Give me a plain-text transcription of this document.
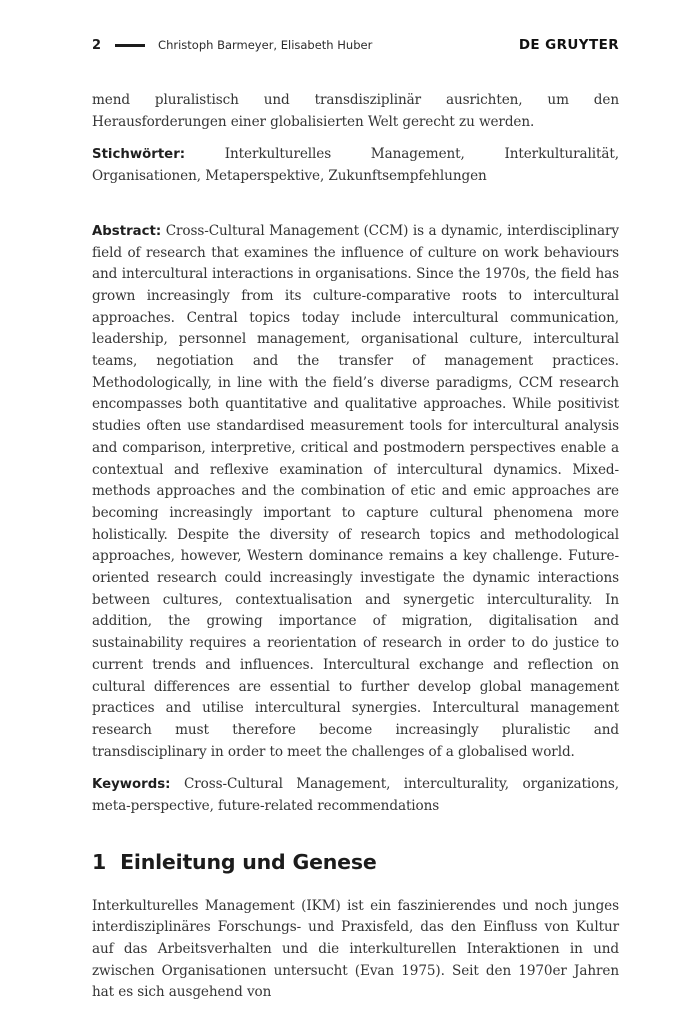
2	Christoph Barmeyer, Elisabeth Huber	DE GRUYTER

mend pluralistisch und transdisziplinär ausrichten, um den Herausforderungen einer globalisierten Welt gerecht zu werden.

Stichwörter:	Interkulturelles Management, Interkulturalität, Organisationen, Metaperspektive, Zukunftsempfehlungen

Abstract: Cross-Cultural Management (CCM) is a dynamic, interdisciplinary field of research that examines the influence of culture on work behaviours and intercultural interactions in organisations. Since the 1970s, the field has grown increasingly from its culture-comparative roots to intercultural approaches. Central topics today include intercultural communication, leadership, personnel management, organisational culture, intercultural teams, negotiation and the transfer of management practices. Methodologically, in line with the field’s diverse paradigms, CCM research encompasses both quantitative and qualitative approaches. While positivist studies often use standardised measurement tools for intercultural analysis and comparison, interpretive, critical and postmodern perspectives enable a contextual and reflexive examination of intercultural dynamics. Mixed-methods approaches and the combination of etic and emic approaches are becoming increasingly important to capture cultural phenomena more holistically. Despite the diversity of research topics and methodological approaches, however, Western dominance remains a key challenge. Future-oriented research could increasingly investigate the dynamic interactions between cultures, contextualisation and synergetic interculturality. In addition, the growing importance of migration, digitalisation and sustainability requires a reorientation of research in order to do justice to current trends and influences. Intercultural exchange and reflection on cultural differences are essential to further develop global management practices and utilise intercultural synergies. Intercultural management research must therefore become increasingly pluralistic and transdisciplinary in order to meet the challenges of a globalised world.

Keywords: Cross-Cultural Management, interculturality, organizations, meta-perspective, future-related recommendations

1 Einleitung und Genese

Interkulturelles Management (IKM) ist ein faszinierendes und noch junges interdisziplinäres Forschungs- und Praxisfeld, das den Einfluss von Kultur auf das Arbeitsverhalten und die interkulturellen Interaktionen in und zwischen Organisationen untersucht (Evan 1975). Seit den 1970er Jahren hat es sich ausgehend von
